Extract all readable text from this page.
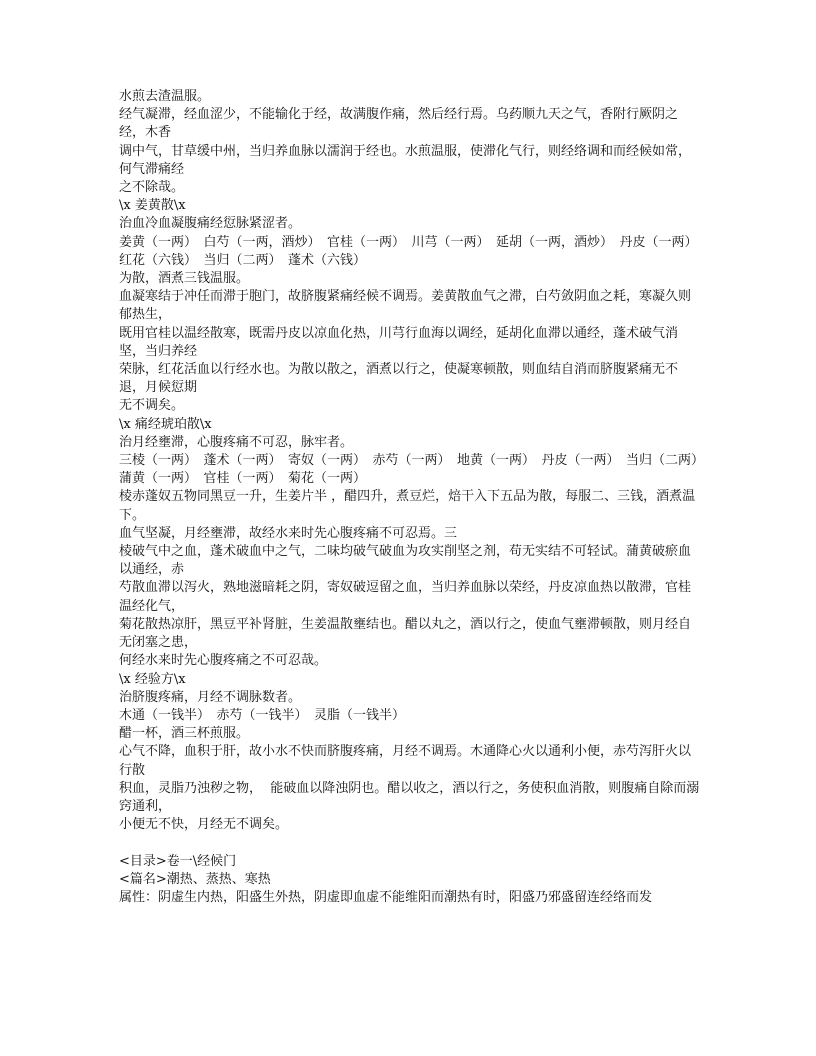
水煎去渣温服。

经气凝滞，经血涩少，不能输化于经，故满腹作痛，然后经行焉。乌药顺九天之气，香附行厥阴之经，木香

调中气，甘草缓中州，当归养血脉以濡润于经也。水煎温服，使滞化气行，则经络调和而经候如常，何气滞痛经

之不除哉。

\x 姜黄散\x

治血冷血凝腹痛经愆脉紧涩者。

姜黄（一两）　白芍（一两，酒炒）　官桂（一两）　川芎（一两）　延胡（一两，酒炒）　丹皮（一两）

红花（六钱）　当归（二两）　蓬术（六钱）

为散，酒煮三钱温服。

血凝寒结于冲任而滞于胞门，故脐腹紧痛经候不调焉。姜黄散血气之滞，白芍敛阴血之耗，寒凝久则郁热生，

既用官桂以温经散寒，既需丹皮以凉血化热，川芎行血海以调经，延胡化血滞以通经，蓬术破气消坚，当归养经

荣脉，红花活血以行经水也。为散以散之，酒煮以行之，使凝寒顿散，则血结自消而脐腹紧痛无不退，月候愆期

无不调矣。

\x 痛经琥珀散\x

治月经壅滞，心腹疼痛不可忍，脉牢者。

三棱（一两）　蓬术（一两）　寄奴（一两）　赤芍（一两）　地黄（一两）　丹皮（一两）　当归（二两）

蒲黄（一两）　官桂（一两）　菊花（一两）

棱赤蓬奴五物同黑豆一升，生姜片半 ，醋四升，煮豆烂，焙干入下五品为散，每服二、三钱，酒煮温下。

血气坚凝，月经壅滞，故经水来时先心腹疼痛不可忍焉。三

棱破气中之血，蓬术破血中之气，二味均破气破血为攻实削坚之剂，苟无实结不可轻试。蒲黄破瘀血以通经，赤

芍散血滞以泻火，熟地滋暗耗之阴，寄奴破逗留之血，当归养血脉以荣经，丹皮凉血热以散滞，官桂温经化气，

菊花散热凉肝，黑豆平补肾脏，生姜温散壅结也。醋以丸之，酒以行之，使血气壅滞顿散，则月经自无闭塞之患，

何经水来时先心腹疼痛之不可忍哉。

\x 经验方\x

治脐腹疼痛，月经不调脉数者。

木通（一钱半）　赤芍（一钱半）　灵脂（一钱半）

醋一杯，酒三杯煎服。

心气不降，血积于肝，故小水不快而脐腹疼痛，月经不调焉。木通降心火以通利小便，赤芍泻肝火以行散

积血，灵脂乃浊秽之物，  能破血以降浊阴也。醋以收之，酒以行之，务使积血消散，则腹痛自除而溺窍通利，

小便无不快，月经无不调矣。

<目录>卷一\经候门

<篇名>潮热、蒸热、寒热

属性：阴虚生内热，阳盛生外热，阴虚即血虚不能维阳而潮热有时，阳盛乃邪盛留连经络而发
